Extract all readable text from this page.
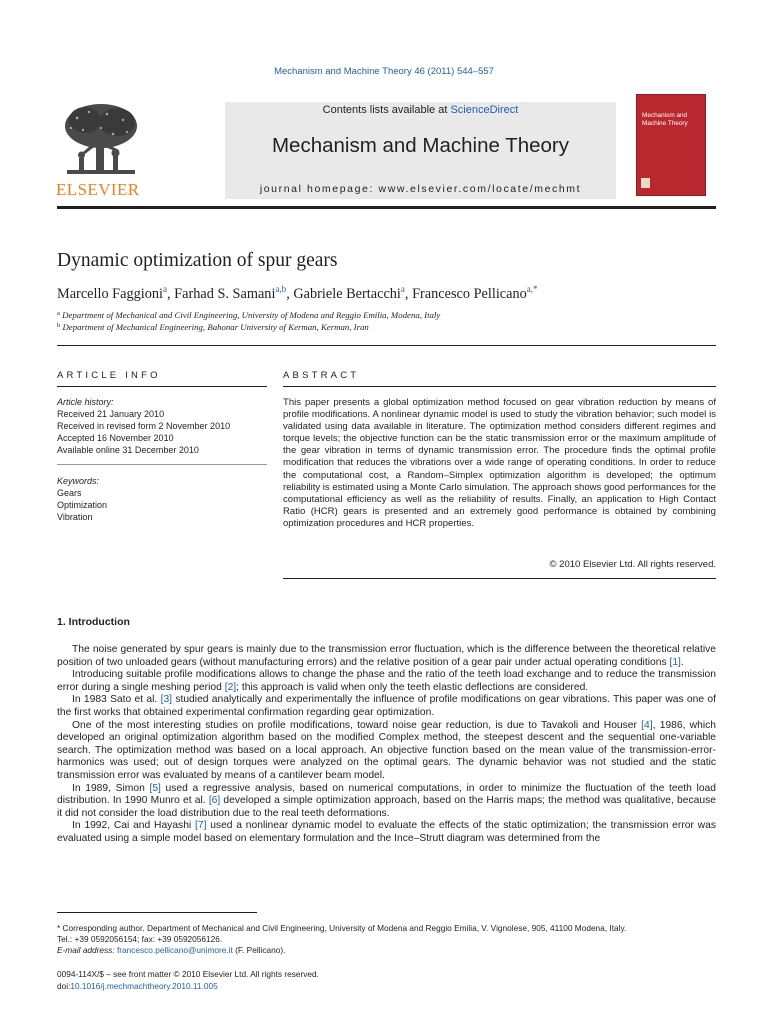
Mechanism and Machine Theory 46 (2011) 544–557
ELSEVIER
Contents lists available at ScienceDirect
Mechanism and Machine Theory
journal homepage: www.elsevier.com/locate/mechmt
Mechanism and Machine Theory
Dynamic optimization of spur gears
Marcello Faggioni$^a$, Farhad S. Samani$^{a,b}$, Gabriele Bertacchi$^a$, Francesco Pellicano$^{a,*}$
$^a$ Department of Mechanical and Civil Engineering, University of Modena and Reggio Emilia, Modena, Italy
$^b$ Department of Mechanical Engineering, Bahonar University of Kerman, Kerman, Iran
ARTICLE INFO	ABSTRACT
Article history:
Received 21 January 2010
Received in revised form 2 November 2010
Accepted 16 November 2010
Available online 31 December 2010
Keywords:
Gears
Optimization
Vibration
This paper presents a global optimization method focused on gear vibration reduction by means of profile modifications. A nonlinear dynamic model is used to study the vibration behavior; such model is validated using data available in literature. The optimization method considers different regimes and torque levels; the objective function can be the static transmission error or the maximum amplitude of the gear vibration in terms of dynamic transmission error. The procedure finds the optimal profile modification that reduces the vibrations over a wide range of operating conditions. In order to reduce the computational cost, a Random–Simplex optimization algorithm is developed; the optimum reliability is estimated using a Monte Carlo simulation. The approach shows good performances for the computational efficiency as well as the reliability of results. Finally, an application to High Contact Ratio (HCR) gears is presented and an extremely good performance is obtained by combining optimization procedures and HCR properties.
© 2010 Elsevier Ltd. All rights reserved.
1. Introduction

The noise generated by spur gears is mainly due to the transmission error fluctuation, which is the difference between the theoretical relative position of two unloaded gears (without manufacturing errors) and the relative position of a gear pair under actual operating conditions [1].

Introducing suitable profile modifications allows to change the phase and the ratio of the teeth load exchange and to reduce the transmission error during a single meshing period [2]; this approach is valid when only the teeth elastic deflections are considered.

In 1983 Sato et al. [3] studied analytically and experimentally the influence of profile modifications on gear vibrations. This paper was one of the first works that obtained experimental confirmation regarding gear optimization.

One of the most interesting studies on profile modifications, toward noise gear reduction, is due to Tavakoli and Houser [4], 1986, which developed an original optimization algorithm based on the modified Complex method, the steepest descent and the sequential one-variable search. The optimization method was based on a local approach. An objective function based on the mean value of the transmission-error-harmonics was used; out of design torques were analyzed on the optimal gears. The dynamic behavior was not studied and the static transmission error was evaluated by means of a cantilever beam model.

In 1989, Simon [5] used a regressive analysis, based on numerical computations, in order to minimize the fluctuation of the teeth load distribution. In 1990 Munro et al. [6] developed a simple optimization approach, based on the Harris maps; the method was qualitative, because it did not consider the load distribution due to the real teeth deformations.

In 1992, Cai and Hayashi [7] used a nonlinear dynamic model to evaluate the effects of the static optimization; the transmission error was evaluated using a simple model based on elementary formulation and the Ince–Strutt diagram was determined from the

* Corresponding author. Department of Mechanical and Civil Engineering, University of Modena and Reggio Emilia, V. Vignolese, 905, 41100 Modena, Italy.
Tel.: +39 0592056154; fax: +39 0592056126.
E-mail address: francesco.pellicano@unimore.it (F. Pellicano).
0094-114X/$ – see front matter © 2010 Elsevier Ltd. All rights reserved.
doi:10.1016/j.mechmachtheory.2010.11.005
